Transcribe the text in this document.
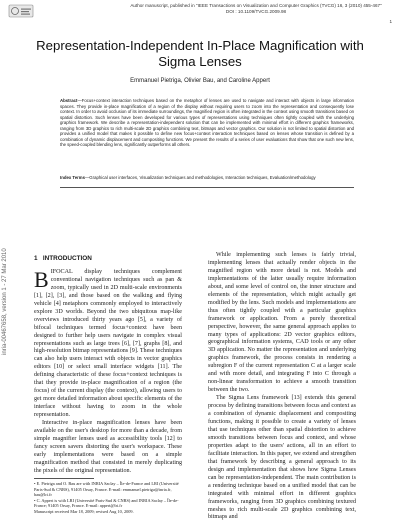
Author manuscript, published in "IEEE Transactions on Visualization and Computer Graphics (TVCG) 16, 3 (2010) 455-467"
DOI : 10.1109/TVCG.2009.98
1
inria-00467658, version 1 - 27 Mar 2010
Representation-Independent In-Place Magnification with Sigma Lenses
Emmanuel Pietriga, Olivier Bau, and Caroline Appert
Abstract—Focus+context interaction techniques based on the metaphor of lenses are used to navigate and interact with objects in large information spaces. They provide in-place magnification of a region of the display without requiring users to zoom into the representation and consequently lose context. In order to avoid occlusion of its immediate surroundings, the magnified region is often integrated in the context using smooth transitions based on spatial distortion. Such lenses have been developed for various types of representations using techniques often tightly coupled with the underlying graphics framework. We describe a representation-independent solution that can be implemented with minimal effort in different graphics frameworks, ranging from 3D graphics to rich multi-scale 2D graphics combining text, bitmaps and vector graphics. Our solution is not limited to spatial distortion and provides a unified model that makes it possible to define new focus+context interaction techniques based on lenses whose transition is defined by a combination of dynamic displacement and compositing functions. We present the results of a series of user evaluations that show that one such new lens, the speed-coupled blending lens, significantly outperforms all others.
Index Terms—Graphical user interfaces, Visualization techniques and methodologies, Interaction techniques, Evaluation/methodology
1 INTRODUCTION

BIFOCAL display techniques complement conventional navigation techniques such as pan & zoom, typically used in 2D multi-scale environments [1], [2], [3], and those based on the walking and flying vehicle [4] metaphors commonly employed to interactively explore 3D worlds. Beyond the two ubiquitous map-like overviews introduced thirty years ago [5], a variety of bifocal techniques termed focus+context have been designed to further help users navigate in complex visual representations such as large trees [6], [7], graphs [8], and high-resolution bitmap representations [9]. These techniques can also help users interact with objects in vector graphics editors [10] or select small interface widgets [11]. The defining characteristic of these focus+context techniques is that they provide in-place magnification of a region (the focus) of the current display (the context), allowing users to get more detailed information about specific elements of the interface without having to zoom in the whole representation.

Interactive in-place magnification lenses have been available on the user's desktop for more than a decade, from simple magnifier lenses used as accessibility tools [12] to fancy screen savers distorting the user's workspace. These early implementations were based on a simple magnification method that consisted in merely duplicating the pixels of the original representation.

While implementing such lenses is fairly trivial, implementing lenses that actually render objects in the magnified region with more detail is not. Models and implementations of the latter usually require information about, and some level of control on, the inner structure and elements of the representation, which might actually get modified by the lens. Such models and implementations are thus often tightly coupled with a particular graphics framework or application. From a purely theoretical perspective, however, the same general approach applies to many types of applications: 2D vector graphics editors, geographical information systems, CAD tools or any other 3D application. No matter the representation and underlying graphics framework, the process consists in rendering a subregion F of the current representation C at a larger scale and with more detail, and integrating F into C through a non-linear transformation to achieve a smooth transition between the two.

The Sigma Lens framework [13] extends this general process by defining transitions between focus and context as a combination of dynamic displacement and compositing functions, making it possible to create a variety of lenses that use techniques other than spatial distortion to achieve smooth transitions between focus and context, and whose properties adapt to the users' actions, all in an effort to facilitate interaction. In this paper, we extend and strengthen that framework by describing a general approach to its design and implementation that shows how Sigma Lenses can be representation-independent. The main contribution is a rendering technique based on a unified model that can be integrated with minimal effort in different graphics frameworks, ranging from 3D graphics combining textured meshes to rich multi-scale 2D graphics combining text, bitmaps and

• E. Pietriga and O. Bau are with INRIA Saclay – Île-de-France and LRI (Université Paris-Sud & CNRS), 91405 Orsay, France. E-mail: emmanuel.pietriga@inria.fr, bau@lri.fr
• C. Appert is with LRI (Université Paris-Sud & CNRS) and INRIA Saclay – Île-de-France; 91405 Orsay, France. E-mail: appert@lri.fr
Manuscript received Mar 18, 2009; revised Aug 10, 2009.
